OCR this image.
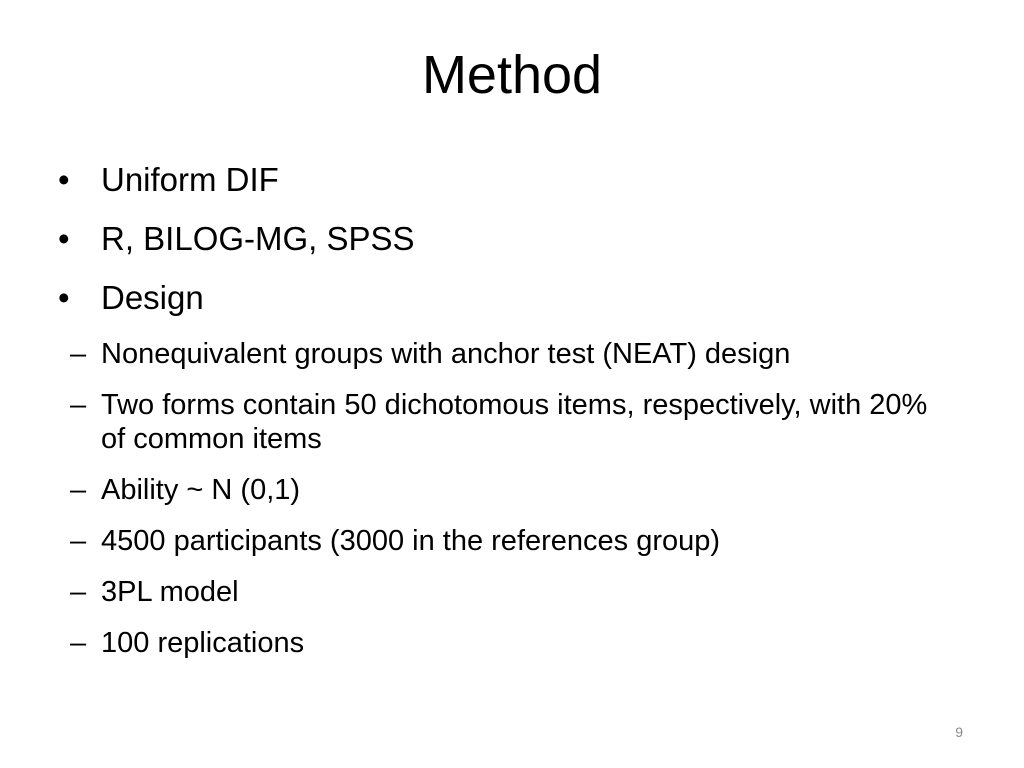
Method
• Uniform DIF
• R, BILOG-MG, SPSS
• Design
– Nonequivalent groups with anchor test (NEAT) design
– Two forms contain 50 dichotomous items, respectively, with 20% of common items
– Ability ~ N (0,1)
– 4500 participants (3000 in the references group)
– 3PL model
– 100 replications
9
